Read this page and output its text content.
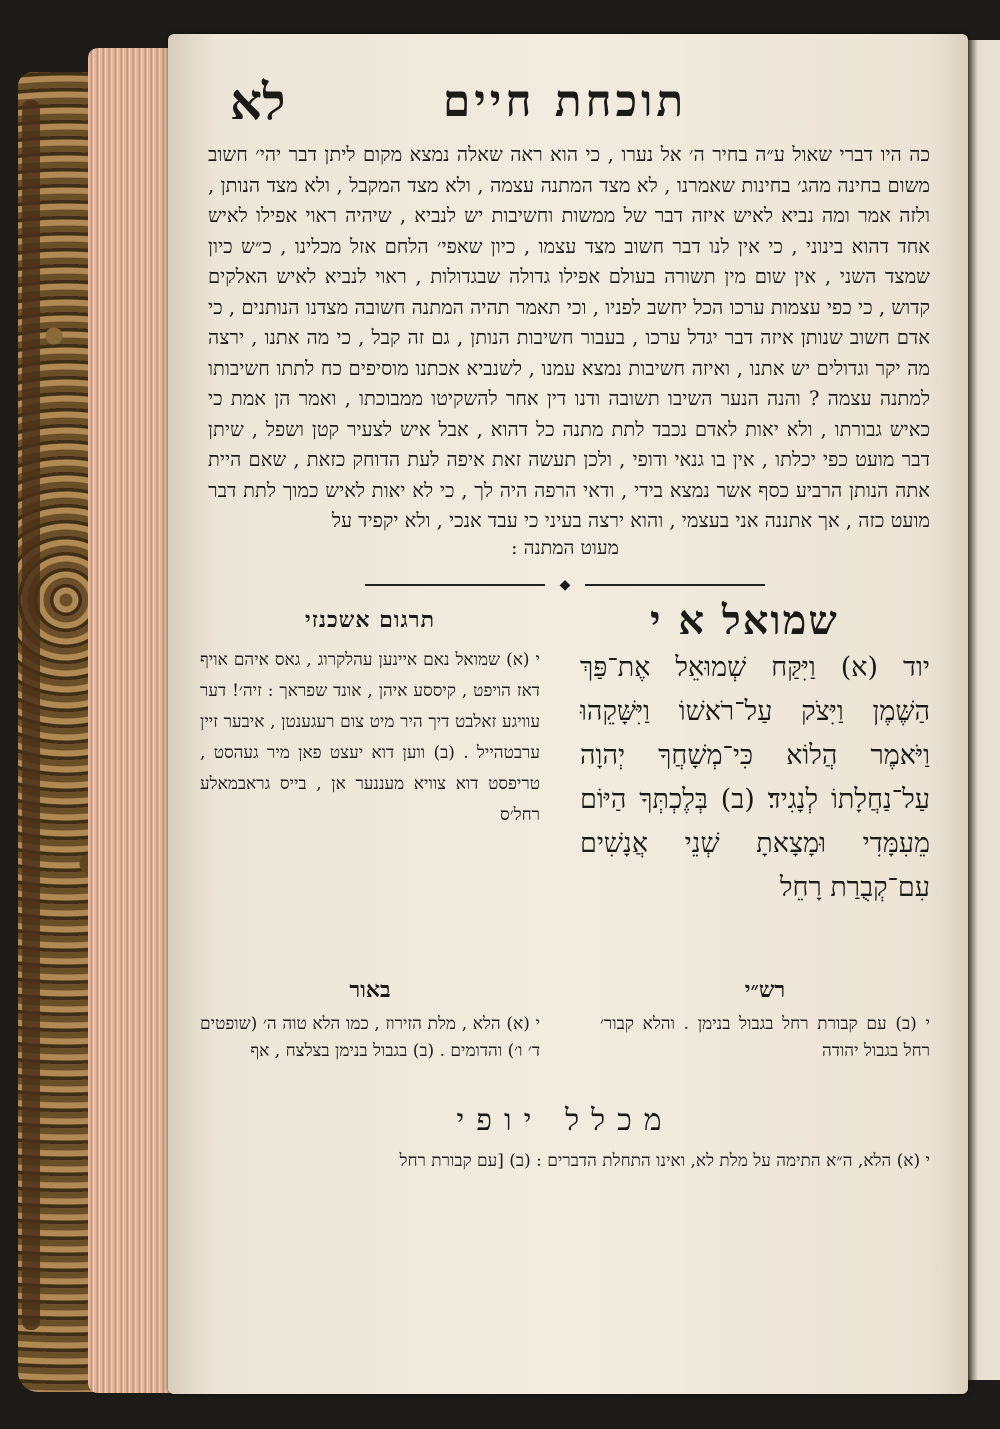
תוכחת חיים
לא

כה היו דברי שאול ע״ה בחיר ה׳ אל נערו , כי הוא ראה שאלה נמצא מקום ליתן דבר יהי׳ חשוב משום בחינה מהג׳ בחינות שאמרנו , לא מצד המתנה עצמה , ולא מצד המקבל , ולא מצד הנותן , ולזה אמר ומה נביא לאיש איזה דבר של ממשות וחשיבות יש לנביא , שיהיה ראוי אפילו לאיש אחד דהוא בינוני , כי אין לנו דבר חשוב מצד עצמו , כיון שאפי׳ הלחם אזל מכלינו , כ״ש כיון שמצד השני , אין שום מין תשורה בעולם אפילו גדולה שבגדולות , ראוי לנביא לאיש האלקים קדוש , כי כפי עצמות ערכו הכל יחשב לפניו , וכי תאמר תהיה המתנה חשובה מצדנו הנותנים , כי אדם חשוב שנותן איזה דבר יגדל ערכו , בעבור חשיבות הנותן , גם זה קבל , כי מה אתנו , ירצה מה יקר וגדולים יש אתנו , ואיזה חשיבות נמצא עמנו , לשנביא אכתנו מוסיפים כח לתתו חשיבותו למתנה עצמה ? והנה הנער השיבו תשובה ודנו דין אחר להשקיטו ממבוכתו , ואמר הן אמת כי כאיש גבורתו , ולא יאות לאדם נכבד לתת מתנה כל דהוא , אבל איש לצעיר קטן ושפל , שיתן דבר מועט כפי יכלתו , אין בו גנאי ודופי , ולכן תעשה זאת איפה לעת הדוחק כזאת , שאם היית אתה הנותן הרביע כסף אשר נמצא בידי , ודאי הרפה היה לך , כי לא יאות לאיש כמוך לתת דבר מועט כזה , אך אתננה אני בעצמי , והוא ירצה בעיני כי עבד אנכי , ולא יקפיד על

מעוט המתנה :

◆
שמואל א י
יוד (א) וַיִּקַּח שְׁמוּאֵל אֶת־פַּךְ הַשֶּׁמֶן וַיִּצֹק עַל־רֹאשׁוֹ וַיִּשָּׁקֵהוּ וַיֹּאמֶר הֲלוֹא כִּי־מְשָׁחֲךָ יְהוָה עַל־נַחֲלָתוֹ לְנָגִיד׃ (ב) בְּלֶכְתְּךָ הַיּוֹם מֵעִמָּדִי וּמָצָאתָ שְׁנֵי אֲנָשִׁים עִם־קְבֻרַת רָחֵל
תרגום אשכנזי
י (א) שמואל נאם איינען עהלקרוג , גאס איהם אויף דאז הויפט , קיססע איהן , אונד שפראך : זיה׳! דער עוויגע זאלבט דיך היר מיט צום רעגענטן , איבער זיין ערבטהייל . (ב) ווען דוא יעצט פאן מיר געהסט , טריפסט דוא צוויא מעננער אן , בייס גראבמאלע רחל׳ס
רש״י
י (ב) עם קבורת רחל בגבול בנימן . והלא קבור׳ רחל בגבול יהודה
באור
י (א) הלא , מלת הזירוז , כמו הלא טוה ה׳ (שופטים ד׳ ו׳) והדומים . (ב) בגבול בנימן בצלצח , אף
מכלל יופי
י (א) הלא, ה״א התימה על מלת לא, ואינו התחלת הדברים : (ב) [עם קבורת רחל
